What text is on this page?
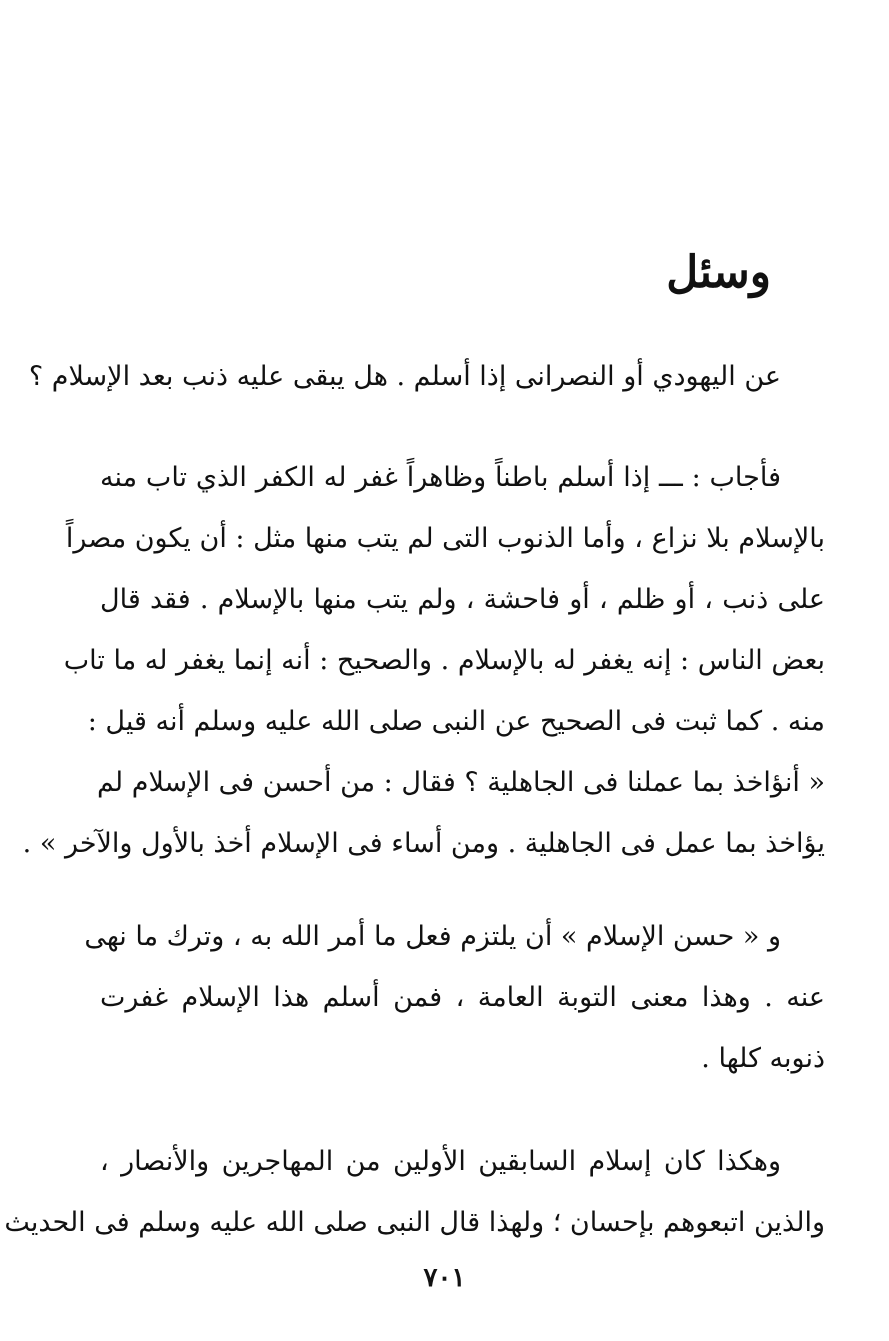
وسئل
عن اليهودي أو النصرانى إذا أسلم . هل يبقى عليه ذنب بعد الإسلام ؟
فأجاب : ـــ إذا أسلم باطناً وظاهراً غفر له الكفر الذي تاب منه
بالإسلام بلا نزاع ، وأما الذنوب التى لم يتب منها مثل : أن يكون مصراً
على ذنب ، أو ظلم ، أو فاحشة ، ولم يتب منها بالإسلام . فقد قال
بعض الناس : إنه يغفر له بالإسلام . والصحيح : أنه إنما يغفر له ما تاب
منه . كما ثبت فى الصحيح عن النبى صلى الله عليه وسلم أنه قيل :
« أنؤاخذ بما عملنا فى الجاهلية ؟ فقال : من أحسن فى الإسلام لم
يؤاخذ بما عمل فى الجاهلية . ومن أساء فى الإسلام أخذ بالأول والآخر » .
و « حسن الإسلام » أن يلتزم فعل ما أمر الله به ، وترك ما نهى
عنه . وهذا معنى التوبة العامة ، فمن أسلم هذا الإسلام غفرت
ذنوبه كلها .
وهكذا كان إسلام السابقين الأولين من المهاجرين والأنصار ،
والذين اتبعوهم بإحسان ؛ ولهذا قال النبى صلى الله عليه وسلم فى الحديث
٧٠١
